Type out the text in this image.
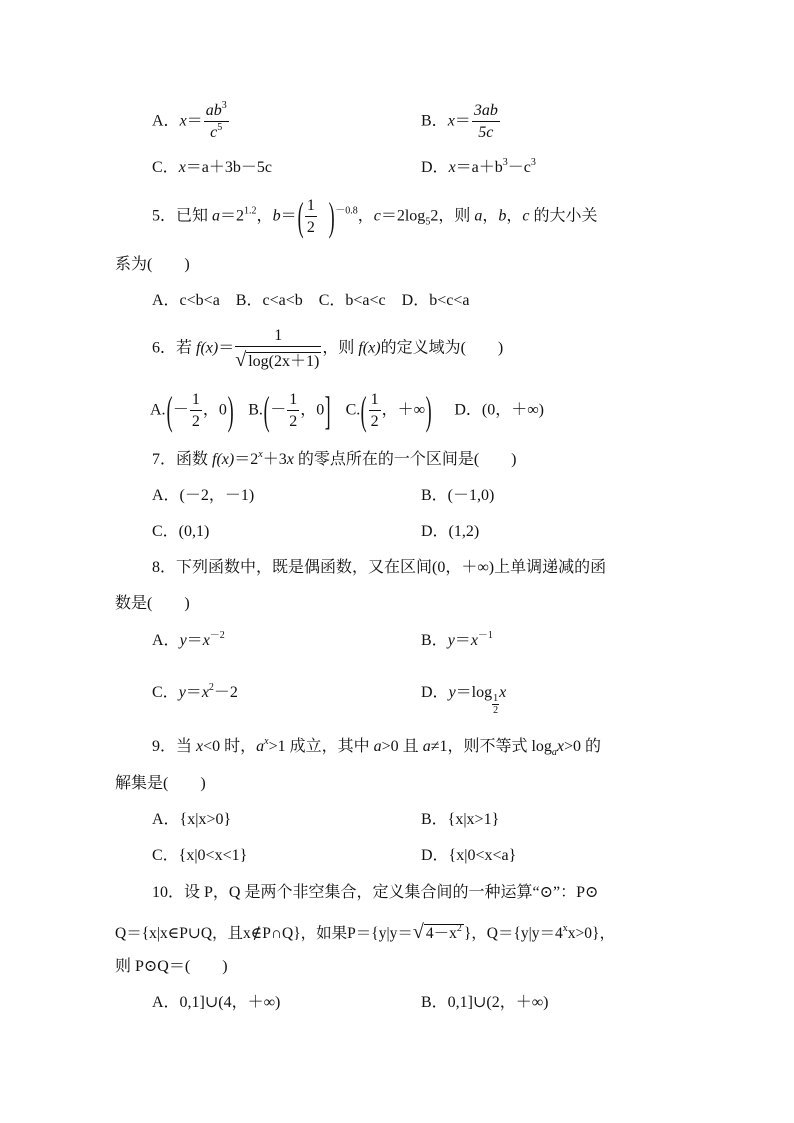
A．$x= \frac{ab^3}{c^5}$	B．$x= \frac{3ab}{5c}$
C．x＝a＋3b－5c	D．$x=a+b^3-c^3$
5．已知 $a=2^{1.2}$，$b=( \frac{1}{2} )^{-0.8}$，$c=2\log_52$，则 a，b，c 的大小关
系为(　　)
A．c<b<a　B．c<a<b　C．b<a<c　D．b<c<a
6．若 $f(x)= \frac{1}{√ \log(2x+1)}$ ，则 f(x)的定义域为(　　)
$A.(- \frac{1}{2}$ ，0) $B.(- \frac{1}{2}$ ，0] $C.( \frac{1}{2}$ ，＋∞) D．(0，＋∞)
7．函数 $f(x)=2^x+3x$ 的零点所在的一个区间是(　　)
A．(－2，－1)	B．(－1,0)
C．(0,1)	D．(1,2)
8．下列函数中，既是偶函数，又在区间(0，＋∞)上单调递减的函
数是(　　)
A．$y=x^{-2}$	B．$y=x^{-1}$
C．$y=x^2-2$	D．y＝log
$\frac{1}{2}$
x
9．当 x<0 时，$a^x>1$ 成立，其中 a>0 且 a≠1，则不等式 $\log_ax>0$ 的
解集是(　　)
A．{x|x>0}	B．{x|x>1}
C．{x|0<x<1}	D．{x|0<x<a}
10．设 P，Q 是两个非空集合，定义集合间的一种运算“⊙”：P⊙
Q＝{x|x∈P∪Q，且x∉P∩Q}，如果P＝{y|y＝√ $4-x^2$ }，$Q=\{y|y=4^xx>0\}$，
则 P⊙Q＝(　　)
A．0,1]∪(4，＋∞)	B．0,1]∪(2，＋∞)
